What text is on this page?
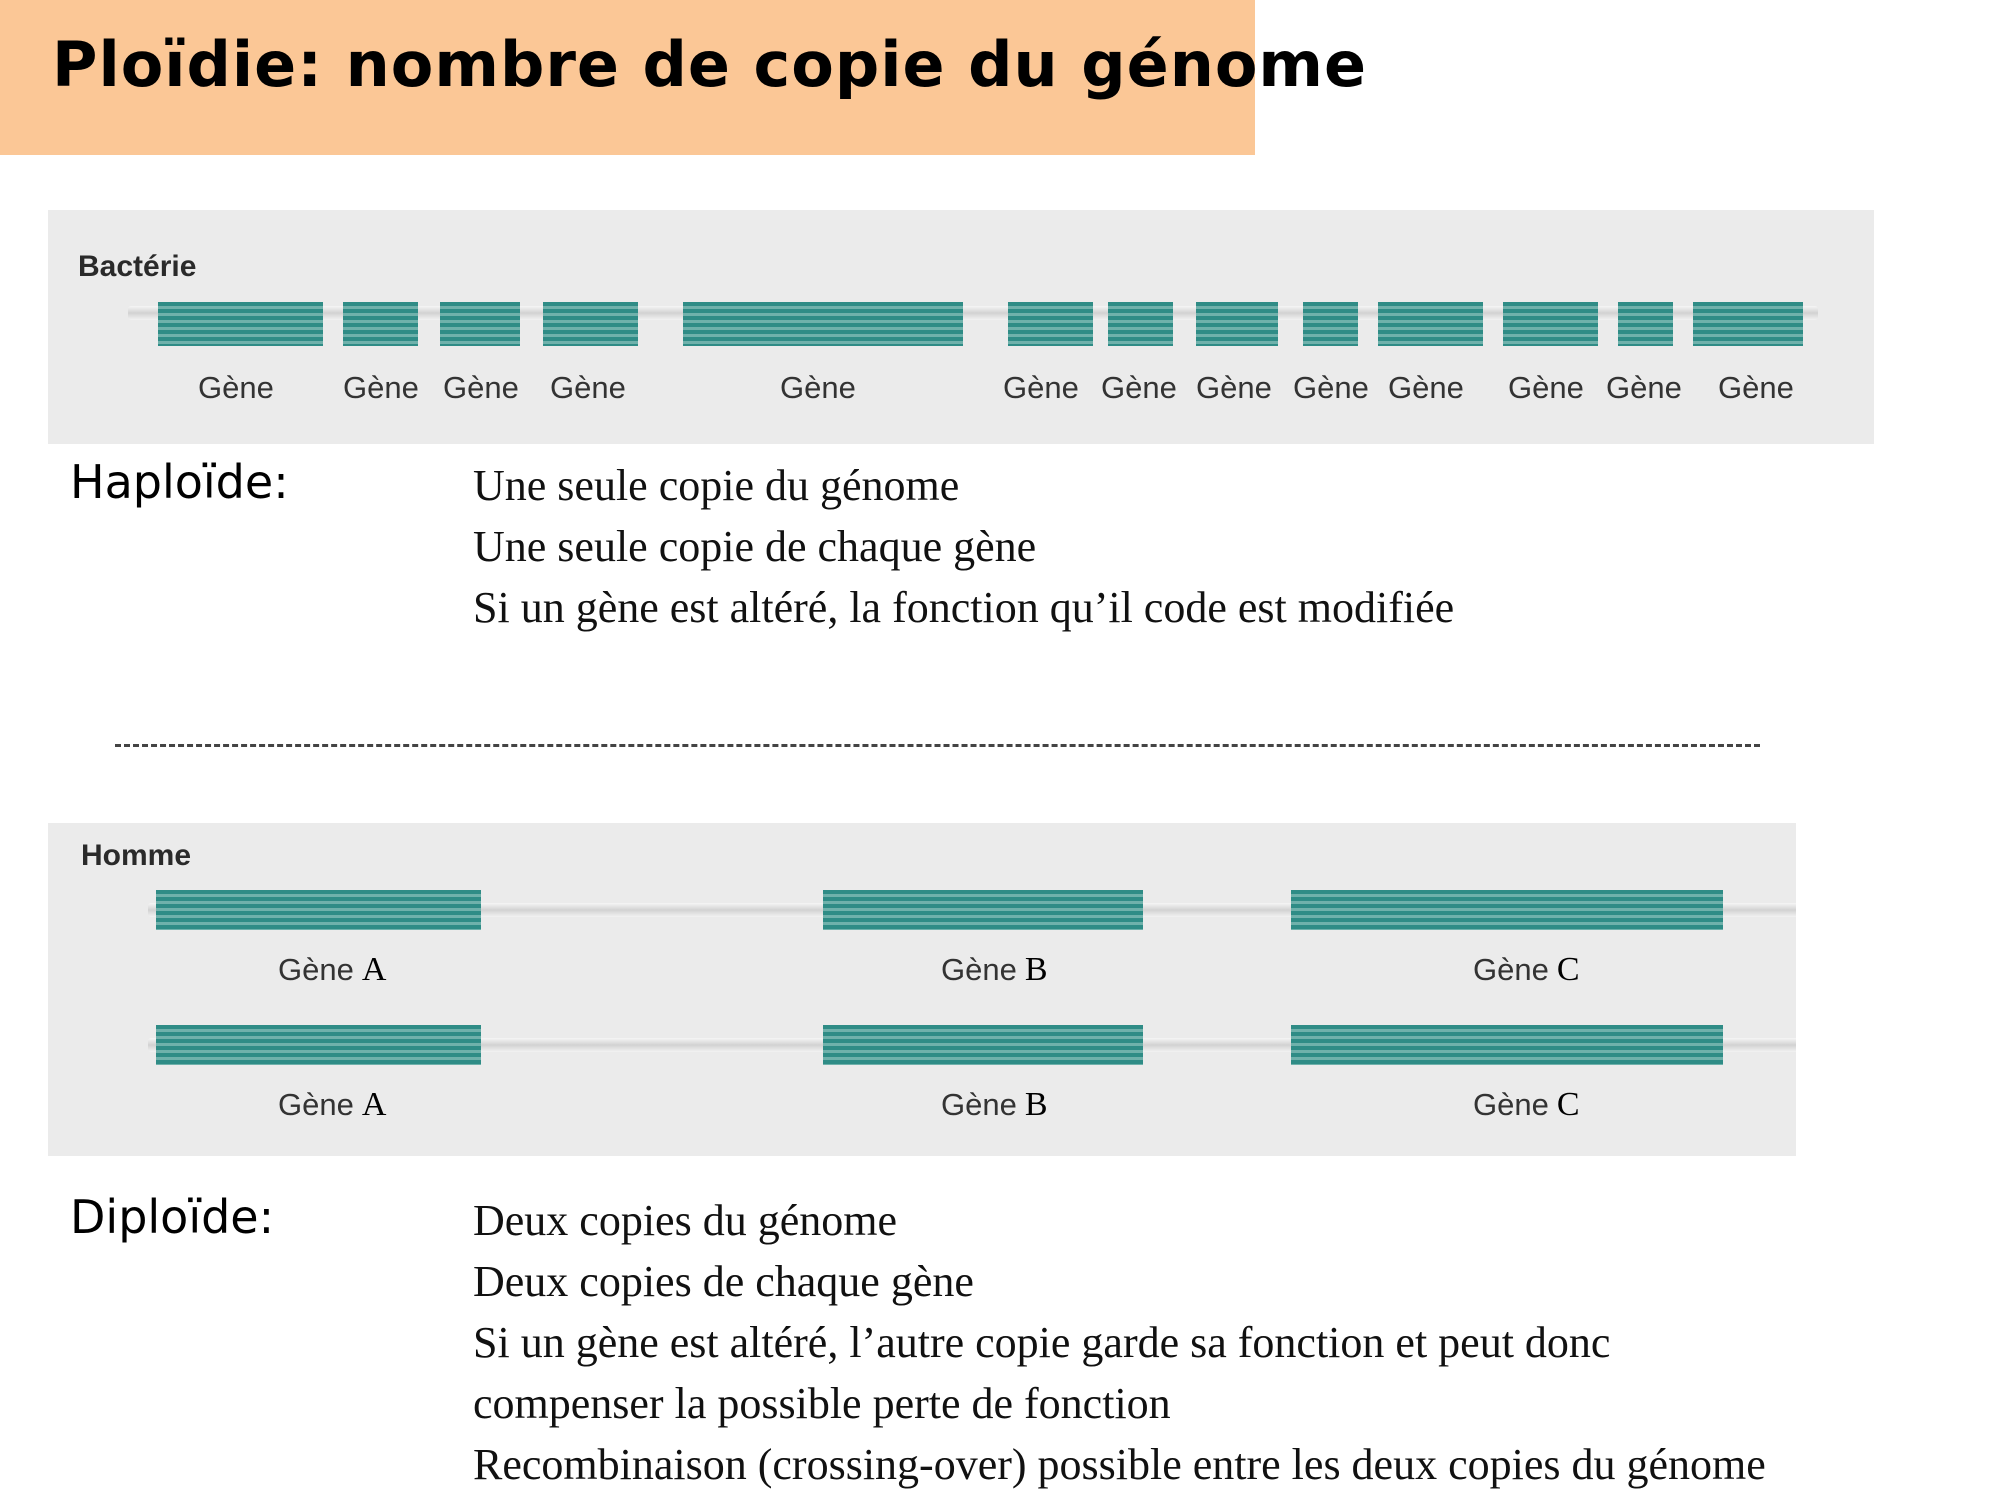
Ploïdie: nombre de copie du génome
Bactérie
Gène Gène Gène Gène	Gène	Gène Gène Gène Gène Gène Gène Gène Gène
Haploïde:	Une seule copie du génome
Une seule copie de chaque gène
Si un gène est altéré, la fonction qu’il code est modifiée
Homme
Gène A	Gène B	Gène C
Gène A	Gène B	Gène C
Diploïde:	Deux copies du génome
Deux copies de chaque gène
Si un gène est altéré, l’autre copie garde sa fonction et peut donc
compenser la possible perte de fonction
Recombinaison (crossing-over) possible entre les deux copies du génome
